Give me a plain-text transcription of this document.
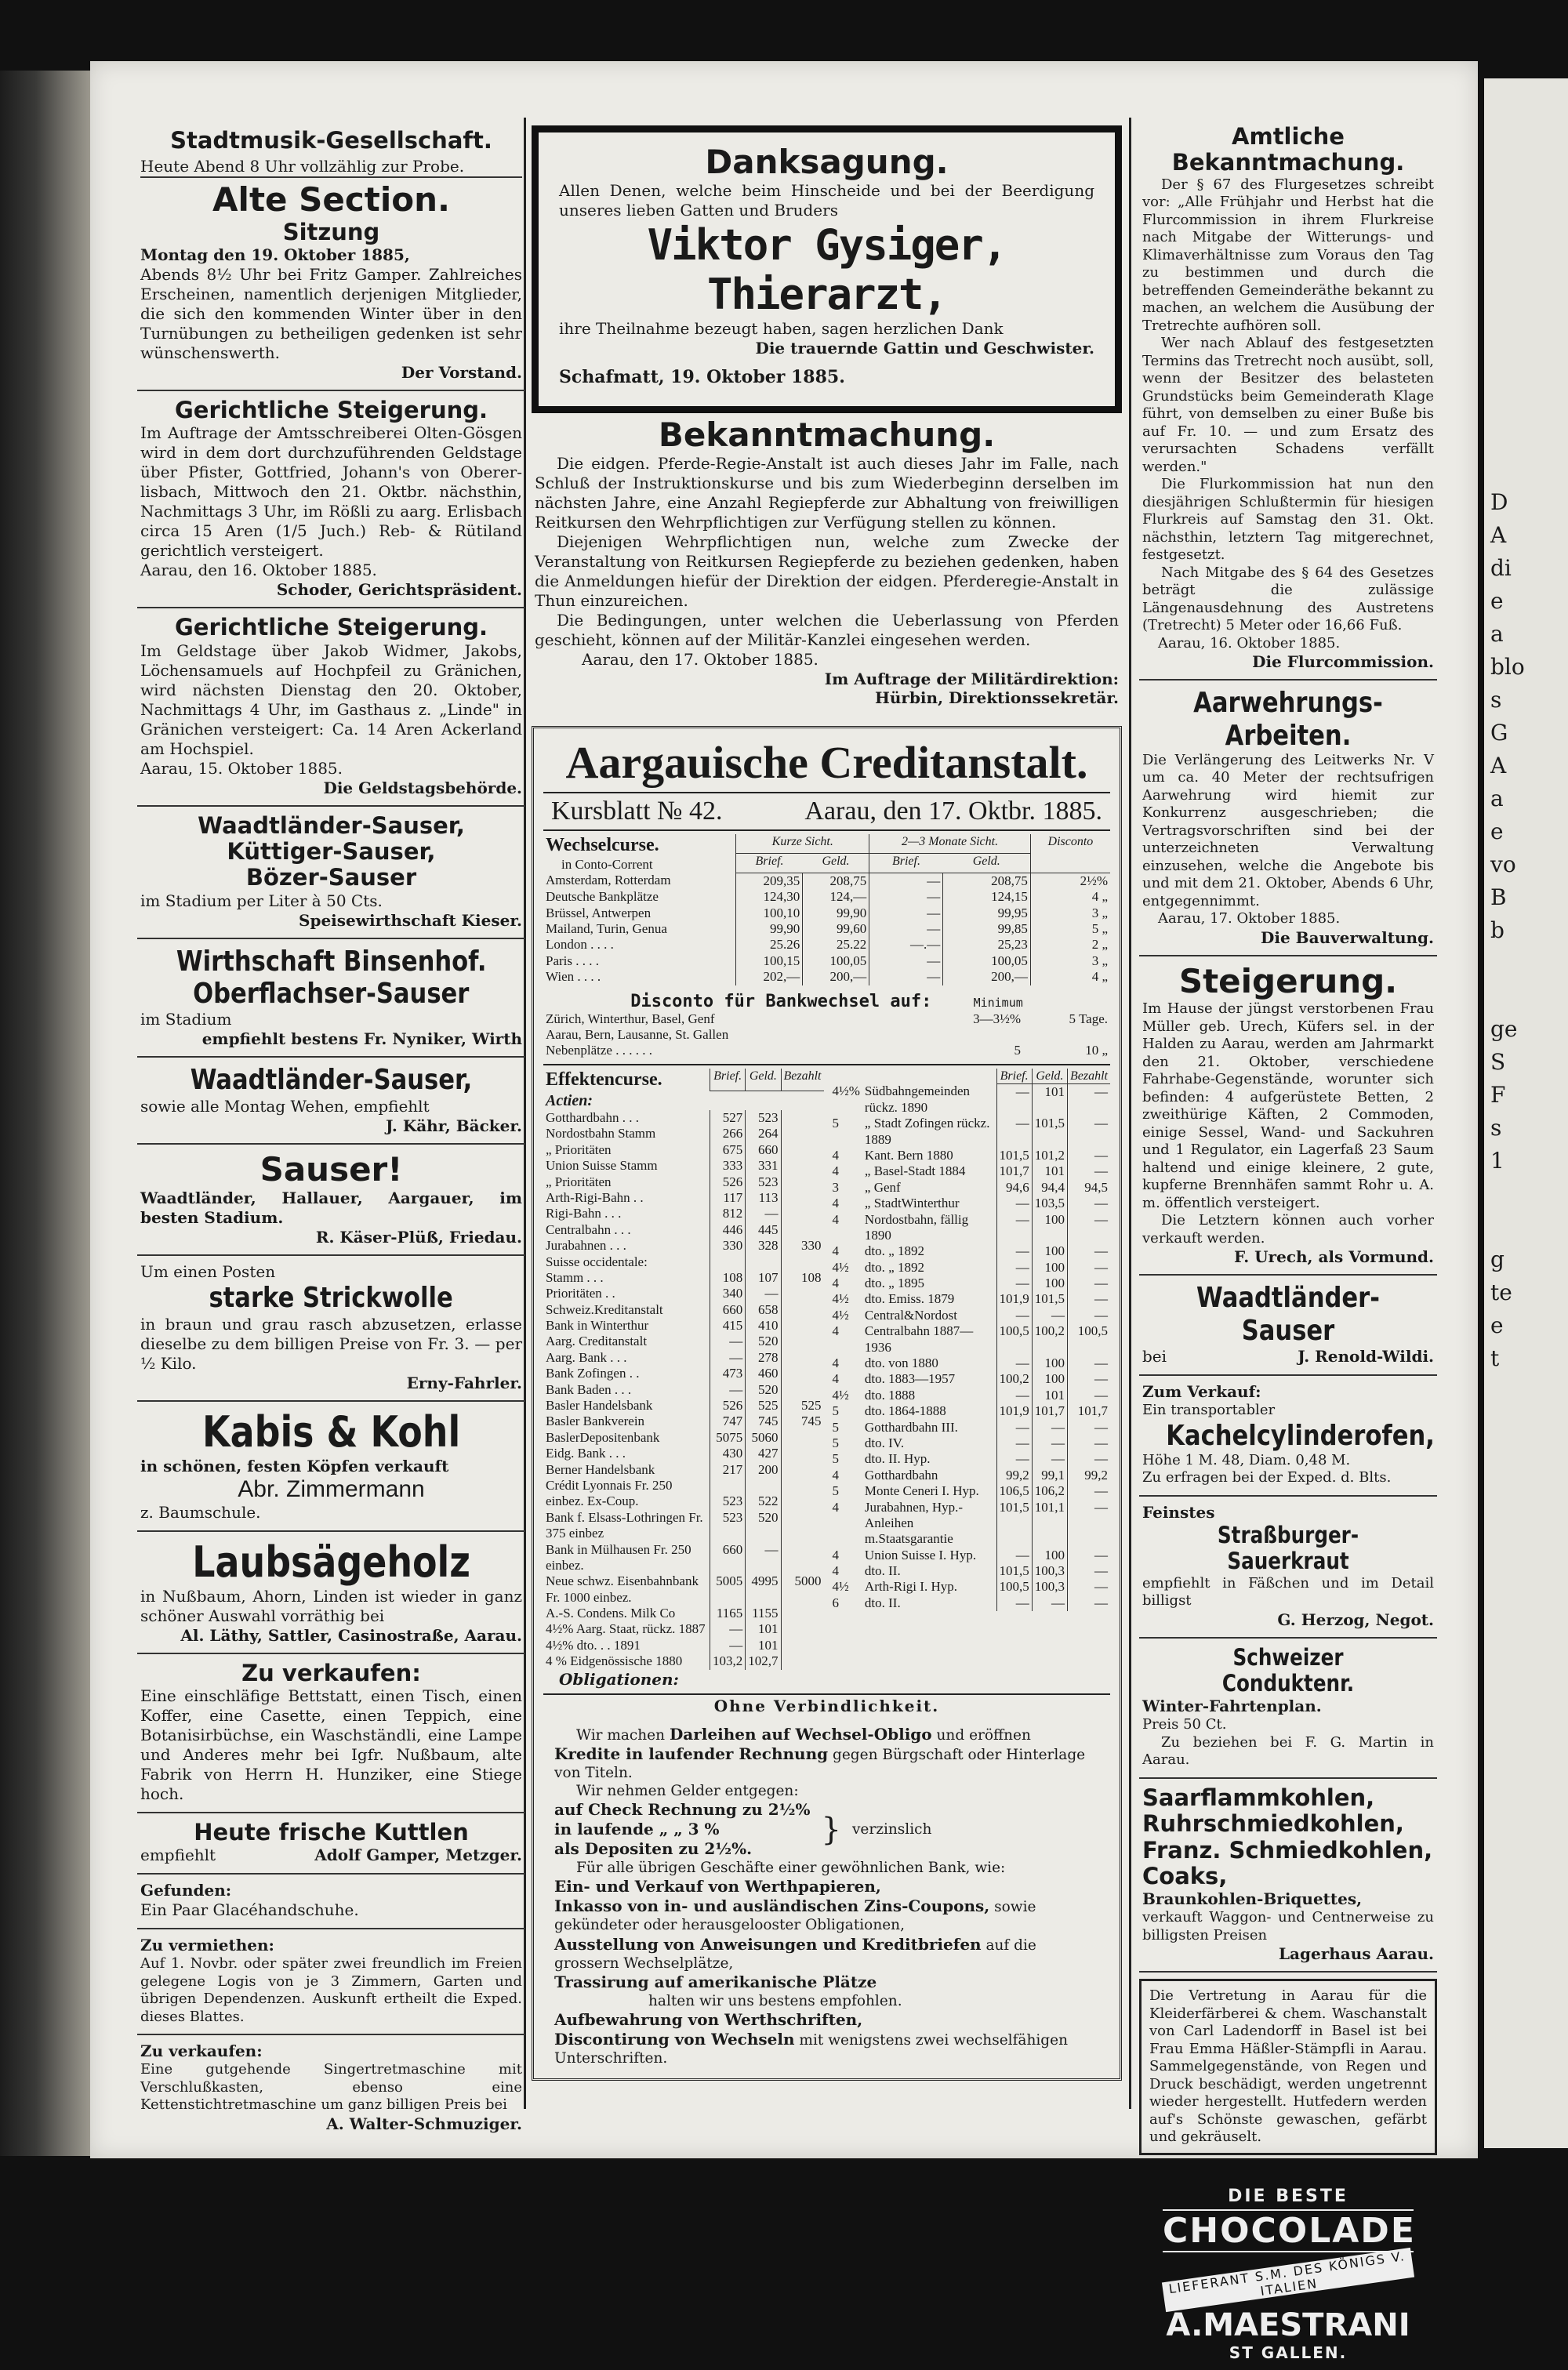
Stadtmusik-Gesellschaft.
Heute Abend 8 Uhr vollzählig zur Probe.
Alte Section.
Sitzung
Montag den 19. Oktober 1885,
Abends 8½ Uhr bei Fritz Gamper. Zahlreiches Erscheinen, namentlich derjenigen Mitglieder, die sich den kommenden Winter über in den Turnübungen zu betheiligen gedenken ist sehr wünschenswerth.
Der Vorstand.
Gerichtliche Steigerung.
Im Auftrage der Amtsschreiberei Olten-Gösgen wird in dem dort durchzuführenden Geldstage über Pfister, Gottfried, Johann's von Oberer-lisbach, Mittwoch den 21. Oktbr. nächsthin, Nachmittags 3 Uhr, im Rößli zu aarg. Erlisbach circa 15 Aren (1/5 Juch.) Reb- & Rütiland gerichtlich versteigert.
Aarau, den 16. Oktober 1885.
Schoder, Gerichtspräsident.
Gerichtliche Steigerung.
Im Geldstage über Jakob Widmer, Jakobs, Löchensamuels auf Hochpfeil zu Gränichen, wird nächsten Dienstag den 20. Oktober, Nachmittags 4 Uhr, im Gasthaus z. „Linde" in Gränichen versteigert: Ca. 14 Aren Ackerland am Hochspiel.
Aarau, 15. Oktober 1885.
Die Geldstagsbehörde.
Waadtländer-Sauser,
Küttiger-Sauser,
Bözer-Sauser
im Stadium per Liter à 50 Cts.
Speisewirthschaft Kieser.
Wirthschaft Binsenhof.
Oberflachser-Sauser
im Stadium
empfiehlt bestens Fr. Nyniker, Wirth
Waadtländer-Sauser,
sowie alle Montag Wehen, empfiehlt
J. Kähr, Bäcker.
Sauser!
Waadtländer, Hallauer, Aargauer, im besten Stadium.
R. Käser-Plüß, Friedau.
Um einen Posten
starke Strickwolle
in braun und grau rasch abzusetzen, erlasse dieselbe zu dem billigen Preise von Fr. 3. — per ½ Kilo.
Erny-Fahrler.
Kabis & Kohl
in schönen, festen Köpfen verkauft
Abr. Zimmermann
z. Baumschule.
Laubsägeholz
in Nußbaum, Ahorn, Linden ist wieder in ganz schöner Auswahl vorräthig bei
Al. Läthy, Sattler, Casinostraße, Aarau.
Zu verkaufen:
Eine einschläfige Bettstatt, einen Tisch, einen Koffer, eine Casette, einen Teppich, eine Botanisirbüchse, ein Waschständli, eine Lampe und Anderes mehr bei Igfr. Nußbaum, alte Fabrik von Herrn H. Hunziker, eine Stiege hoch.
Heute frische Kuttlen
empfiehlt	Adolf Gamper, Metzger.
Gefunden:
Ein Paar Glacéhandschuhe.
Zu vermiethen:
Auf 1. Novbr. oder später zwei freundlich im Freien gelegene Logis von je 3 Zimmern, Garten und übrigen Dependenzen. Auskunft ertheilt die Exped. dieses Blattes.
Zu verkaufen:
Eine gutgehende Singertretmaschine mit Verschlußkasten, ebenso eine Kettenstichtretmaschine um ganz billigen Preis bei
A. Walter-Schmuziger.
Danksagung.
Allen Denen, welche beim Hinscheide und bei der Beerdigung unseres lieben Gatten und Bruders
Viktor Gysiger, Thierarzt,
ihre Theilnahme bezeugt haben, sagen herzlichen Dank
Die trauernde Gattin und Geschwister.
Schafmatt, 19. Oktober 1885.
Bekanntmachung.
Die eidgen. Pferde-Regie-Anstalt ist auch dieses Jahr im Falle, nach Schluß der Instruktionskurse und bis zum Wiederbeginn derselben im nächsten Jahre, eine Anzahl Regiepferde zur Abhaltung von freiwilligen Reitkursen den Wehrpflichtigen zur Verfügung stellen zu können.
Diejenigen Wehrpflichtigen nun, welche zum Zwecke der Veranstaltung von Reitkursen Regiepferde zu beziehen gedenken, haben die Anmeldungen hiefür der Direktion der eidgen. Pferderegie-Anstalt in Thun einzureichen.
Die Bedingungen, unter welchen die Ueberlassung von Pferden geschieht, können auf der Militär-Kanzlei eingesehen werden.
Aarau, den 17. Oktober 1885.
Im Auftrage der Militärdirektion:
Hürbin, Direktionssekretär.
Aargauische Creditanstalt.
Kursblatt № 42.	Aarau, den 17. Oktbr. 1885.
Wechselcurse.
in Conto-Corrent	Kurze Sicht.		2—3 Monate Sicht.		Disconto
	Brief.	Geld.	Brief.	Geld.	
Amsterdam, Rotterdam	209,35	208,75	—	208,75	2½%
Deutsche Bankplätze	124,30	124,—	—	124,15	4 „
Brüssel, Antwerpen	100,10	99,90	—	99,95	3 „
Mailand, Turin, Genua	99,90	99,60	—	99,85	5 „
London . . . .	25.26	25.22	—.—	25,23	2 „
Paris . . . .	100,15	100,05	—	100,05	3 „
Wien . . . .	202,—	200,—	—	200,—	4 „
Disconto für Bankwechsel auf:	Minimum
Zürich, Winterthur, Basel, Genf	3—3½%	5 Tage.
Aarau, Bern, Lausanne, St. Gallen		
Nebenplätze . . . . . .	5	10 „
Effektencurse.	Brief.	Geld.	Bezahlt
Actien:			
Gotthardbahn . . .	527	523	
Nordostbahn Stamm	266	264	
„ Prioritäten	675	660	
Union Suisse Stamm	333	331	
„ Prioritäten	526	523	
Arth-Rigi-Bahn . .	117	113	
Rigi-Bahn . . .	812	—	
Centralbahn . . .	446	445	
Jurabahnen . . .	330	328	330
Suisse occidentale:			
Stamm . . .	108	107	108
Prioritäten . .	340	—	
Schweiz.Kreditanstalt	660	658	
Bank in Winterthur	415	410	
Aarg. Creditanstalt	—	520	
Aarg. Bank . . .	—	278	
Bank Zofingen . .	473	460	
Bank Baden . . .	—	520	
Basler Handelsbank	526	525	525
Basler Bankverein	747	745	745
BaslerDepositenbank	5075	5060	
Eidg. Bank . . .	430	427	
Berner Handelsbank	217	200	
Crédit Lyonnais Fr. 250			
einbez. Ex-Coup.	523	522	
Bank f. Elsass-Lothringen Fr. 375 einbez	523	520	
Bank in Mülhausen Fr. 250 einbez.	660	—	
Neue schwz. Eisenbahnbank Fr. 1000 einbez.	5005	4995	5000
A.-S. Condens. Milk Co	1165	1155	
4½% Aarg. Staat, rückz. 1887	—	101	
4½% dto. . . 1891	—	101	
4 % Eidgenössische 1880	103,2	102,7	
		Brief.	Geld.	Bezahlt
4½%	Südbahngemeinden rückz. 1890	—	101	—
5	„ Stadt Zofingen rückz. 1889	—	101,5	—
4	Kant. Bern 1880	101,5	101,2	—
4	„ Basel-Stadt 1884	101,7	101	—
3	„ Genf	94,6	94,4	94,5
4	„ StadtWinterthur	—	103,5	—
4	Nordostbahn, fällig 1890	—	100	—
4	dto. „ 1892	—	100	—
4½	dto. „ 1892	—	100	—
4	dto. „ 1895	—	100	—
4½	dto. Emiss. 1879	101,9	101,5	—
4½	Central&Nordost	—	—	—
4	Centralbahn 1887—1936	100,5	100,2	100,5
4	dto. von 1880	—	100	—
4	dto. 1883—1957	100,2	100	—
4½	dto. 1888	—	101	—
5	dto. 1864-1888	101,9	101,7	101,7
5	Gotthardbahn III.	—	—	—
5	dto. IV.	—	—	—
5	dto. II. Hyp.	—	—	—
4	Gotthardbahn	99,2	99,1	99,2
5	Monte Ceneri I. Hyp.	106,5	106,2	—
4	Jurabahnen, Hyp.-Anleihen m.Staatsgarantie	101,5	101,1	—
4	Union Suisse I. Hyp.	—	100	—
4	dto. II.	101,5	100,3	—
4½	Arth-Rigi I. Hyp.	100,5	100,3	—
6	dto. II.	—	—	—
Obligationen:
Ohne Verbindlichkeit.
Wir machen Darleihen auf Wechsel-Obligo und eröffnen Kredite in laufender Rechnung gegen Bürgschaft oder Hinterlage von Titeln.
Wir nehmen Gelder entgegen:
auf Check Rechnung zu 2½%
in laufende „ „ 3 %
als Depositen zu 2½%.
} verzinslich
Für alle übrigen Geschäfte einer gewöhnlichen Bank, wie:
Ein- und Verkauf von Werthpapieren,
Inkasso von in- und ausländischen Zins-Coupons, sowie gekündeter oder herausgelooster Obligationen,
Ausstellung von Anweisungen und Kreditbriefen auf die grossern Wechselplätze,
Trassirung auf amerikanische Plätze
halten wir uns bestens empfohlen.
Aufbewahrung von Werthschriften,
Discontirung von Wechseln mit wenigstens zwei wechselfähigen Unterschriften.
Amtliche Bekanntmachung.
Der § 67 des Flurgesetzes schreibt vor: „Alle Frühjahr und Herbst hat die Flurcommission in ihrem Flurkreise nach Mitgabe der Witterungs- und Klimaverhältnisse zum Voraus den Tag zu bestimmen und durch die betreffenden Gemeinderäthe bekannt zu machen, an welchem die Ausübung der Tretrechte aufhören soll.
Wer nach Ablauf des festgesetzten Termins das Tretrecht noch ausübt, soll, wenn der Besitzer des belasteten Grundstücks beim Gemeinderath Klage führt, von demselben zu einer Buße bis auf Fr. 10. — und zum Ersatz des verursachten Schadens verfällt werden."
Die Flurkommission hat nun den diesjährigen Schlußtermin für hiesigen Flurkreis auf Samstag den 31. Okt. nächsthin, letztern Tag mitgerechnet, festgesetzt.
Nach Mitgabe des § 64 des Gesetzes beträgt die zulässige Längenausdehnung des Austretens (Tretrecht) 5 Meter oder 16,66 Fuß.
Aarau, 16. Oktober 1885.
Die Flurcommission.
Aarwehrungs-Arbeiten.
Die Verlängerung des Leitwerks Nr. V um ca. 40 Meter der rechtsufrigen Aarwehrung wird hiemit zur Konkurrenz ausgeschrieben; die Vertragsvorschriften sind bei der unterzeichneten Verwaltung einzusehen, welche die Angebote bis und mit dem 21. Oktober, Abends 6 Uhr, entgegennimmt.
Aarau, 17. Oktober 1885.
Die Bauverwaltung.
Steigerung.
Im Hause der jüngst verstorbenen Frau Müller geb. Urech, Küfers sel. in der Halden zu Aarau, werden am Jahrmarkt den 21. Oktober, verschiedene Fahrhabe-Gegenstände, worunter sich befinden: 4 aufgerüstete Betten, 2 zweithürige Käften, 2 Commoden, einige Sessel, Wand- und Sackuhren und 1 Regulator, ein Lagerfaß 23 Saum haltend und einige kleinere, 2 gute, kupferne Brennhäfen sammt Rohr u. A. m. öffentlich versteigert.
Die Letztern können auch vorher verkauft werden.
F. Urech, als Vormund.
Waadtländer-Sauser
bei	J. Renold-Wildi.
Zum Verkauf:
Ein transportabler
Kachelcylinderofen,
Höhe 1 M. 48, Diam. 0,48 M.
Zu erfragen bei der Exped. d. Blts.
Feinstes
Straßburger-Sauerkraut
empfiehlt in Fäßchen und im Detail billigst
G. Herzog, Negot.
Schweizer Conduktenr.
Winter-Fahrtenplan.
Preis 50 Ct.
Zu beziehen bei F. G. Martin in Aarau.
Saarflammkohlen,
Ruhrschmiedkohlen,
Franz. Schmiedkohlen,
Coaks,
Braunkohlen-Briquettes,
verkauft Waggon- und Centnerweise zu billigsten Preisen
Lagerhaus Aarau.
Die Vertretung in Aarau für die Kleiderfärberei & chem. Waschanstalt von Carl Ladendorff in Basel ist bei Frau Emma Häßler-Stämpfli in Aarau. Sammelgegenstände, von Regen und Druck beschädigt, werden ungetrennt wieder hergestellt. Hutfedern werden auf's Schönste gewaschen, gefärbt und gekräuselt.
DIE BESTE
CHOCOLADE
LIEFERANT S.M. DES KÖNIGS V. ITALIEN
A.MAESTRANI
ST GALLEN.
D
A
di
e
a
blo
s
G
A
a
e
vo
B
b

ge
S
F
s
1

g
te
e
t
